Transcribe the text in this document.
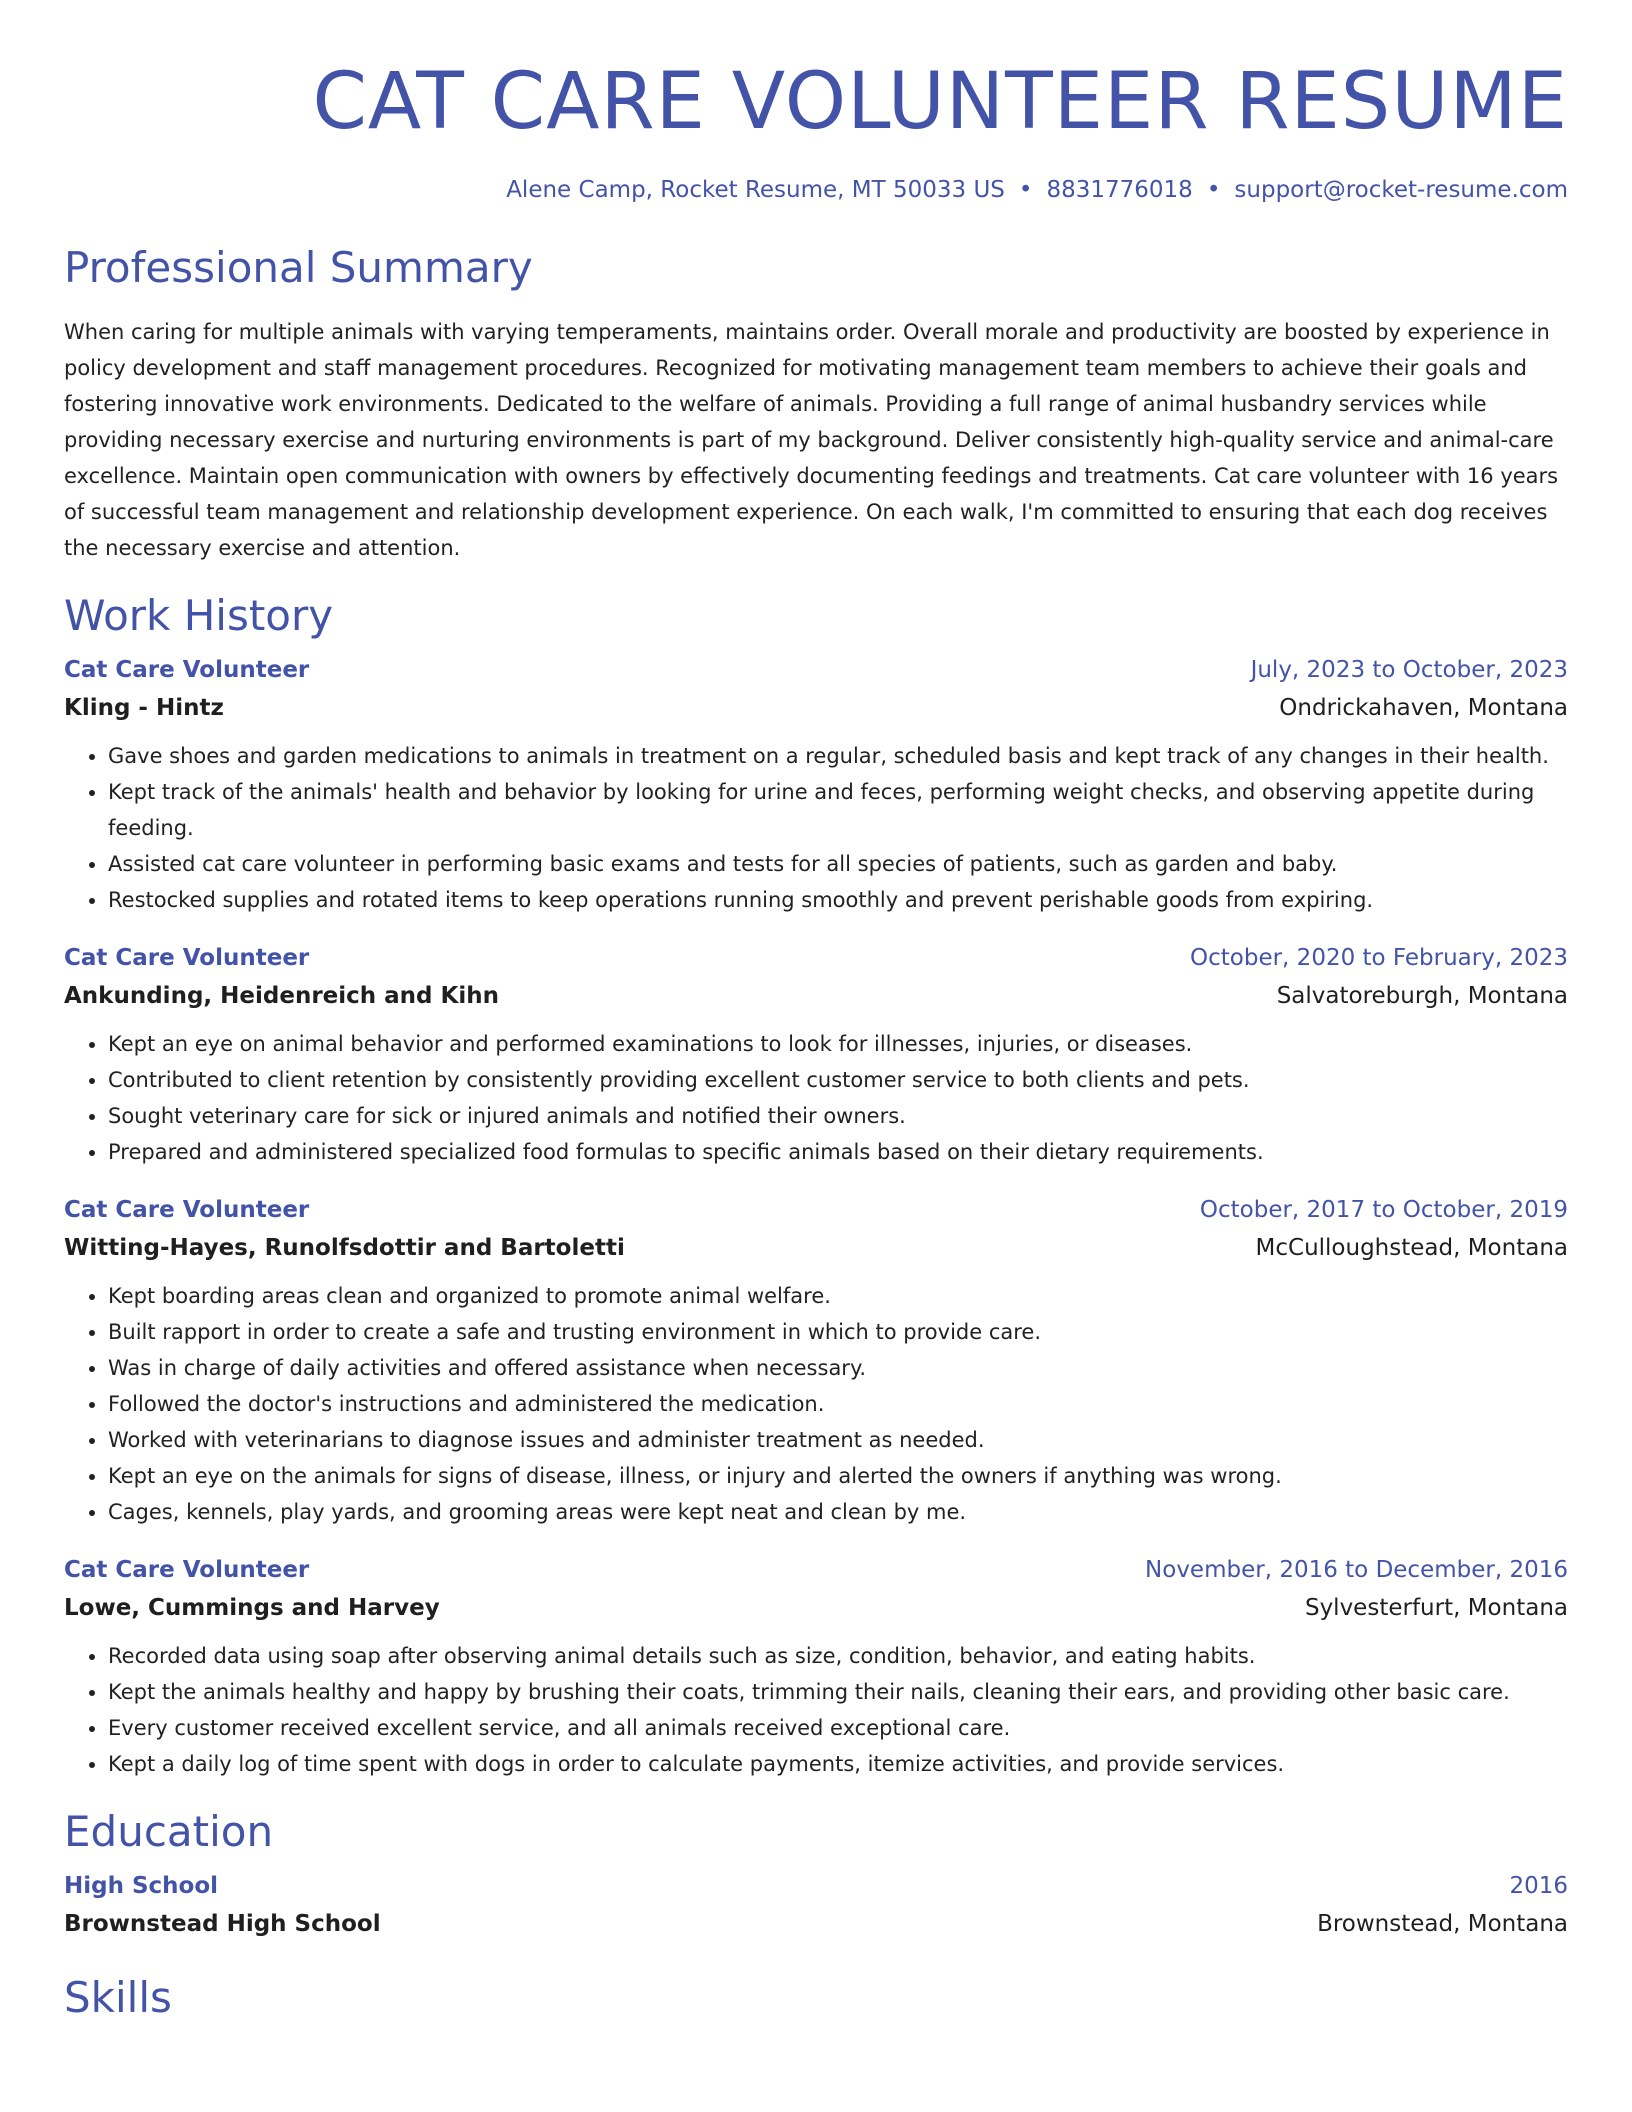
CAT CARE VOLUNTEER RESUME
Alene Camp, Rocket Resume, MT 50033 US • 8831776018 • support@rocket-resume.com
Professional Summary

When caring for multiple animals with varying temperaments, maintains order. Overall morale and productivity are boosted by experience in policy development and staff management procedures. Recognized for motivating management team members to achieve their goals and fostering innovative work environments. Dedicated to the welfare of animals. Providing a full range of animal husbandry services while providing necessary exercise and nurturing environments is part of my background. Deliver consistently high-quality service and animal-care excellence. Maintain open communication with owners by effectively documenting feedings and treatments. Cat care volunteer with 16 years of successful team management and relationship development experience. On each walk, I'm committed to ensuring that each dog receives the necessary exercise and attention.

Work History
Cat Care Volunteer	July, 2023 to October, 2023
Kling - Hintz	Ondrickahaven, Montana
• Gave shoes and garden medications to animals in treatment on a regular, scheduled basis and kept track of any changes in their health.
• Kept track of the animals' health and behavior by looking for urine and feces, performing weight checks, and observing appetite during feeding.
• Assisted cat care volunteer in performing basic exams and tests for all species of patients, such as garden and baby.
• Restocked supplies and rotated items to keep operations running smoothly and prevent perishable goods from expiring.
Cat Care Volunteer	October, 2020 to February, 2023
Ankunding, Heidenreich and Kihn	Salvatoreburgh, Montana
• Kept an eye on animal behavior and performed examinations to look for illnesses, injuries, or diseases.
• Contributed to client retention by consistently providing excellent customer service to both clients and pets.
• Sought veterinary care for sick or injured animals and notified their owners.
• Prepared and administered specialized food formulas to specific animals based on their dietary requirements.
Cat Care Volunteer	October, 2017 to October, 2019
Witting-Hayes, Runolfsdottir and Bartoletti	McCulloughstead, Montana
• Kept boarding areas clean and organized to promote animal welfare.
• Built rapport in order to create a safe and trusting environment in which to provide care.
• Was in charge of daily activities and offered assistance when necessary.
• Followed the doctor's instructions and administered the medication.
• Worked with veterinarians to diagnose issues and administer treatment as needed.
• Kept an eye on the animals for signs of disease, illness, or injury and alerted the owners if anything was wrong.
• Cages, kennels, play yards, and grooming areas were kept neat and clean by me.
Cat Care Volunteer	November, 2016 to December, 2016
Lowe, Cummings and Harvey	Sylvesterfurt, Montana
• Recorded data using soap after observing animal details such as size, condition, behavior, and eating habits.
• Kept the animals healthy and happy by brushing their coats, trimming their nails, cleaning their ears, and providing other basic care.
• Every customer received excellent service, and all animals received exceptional care.
• Kept a daily log of time spent with dogs in order to calculate payments, itemize activities, and provide services.
Education
High School	2016
Brownstead High School	Brownstead, Montana
Skills
